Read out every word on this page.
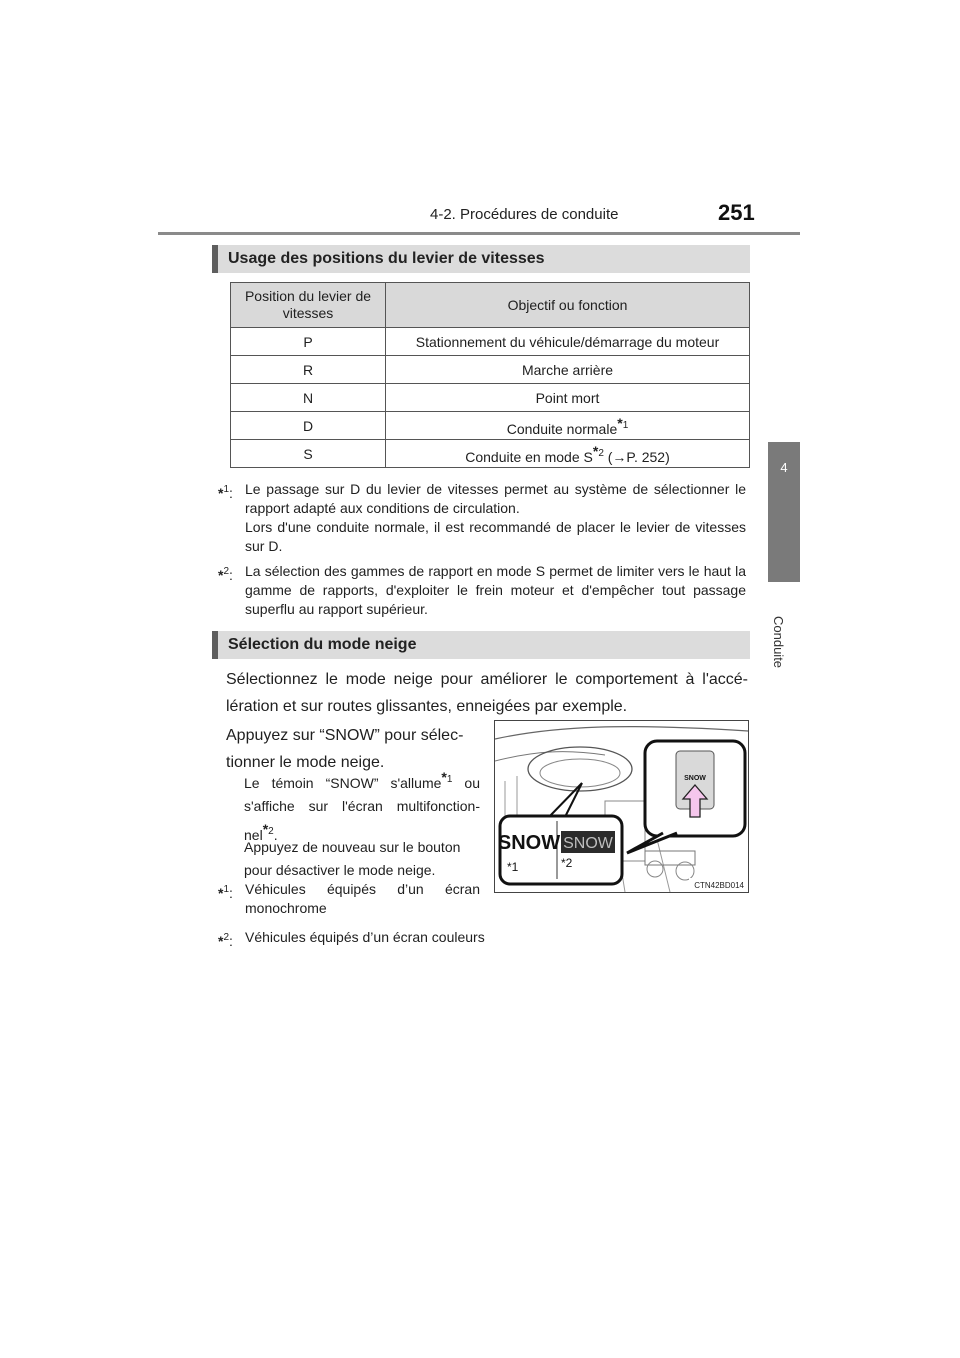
4-2. Procédures de conduite	251
4
Conduite
Usage des positions du levier de vitesses
Position du levier de vitesses	Objectif ou fonction
P	Stationnement du véhicule/démarrage du moteur
R	Marche arrière
N	Point mort
D	Conduite normale$^{*1}$
S	Conduite en mode $S^{*2}$ (→P. 252)
*$^1$: Le passage sur D du levier de vitesses permet au système de sélectionner le rapport adapté aux conditions de circulation.
Lors d'une conduite normale, il est recommandé de placer le levier de vitesses sur D.
*$^2$: La sélection des gammes de rapport en mode S permet de limiter vers le haut la gamme de rapports, d'exploiter le frein moteur et d'empêcher tout passage superflu au rapport supérieur.
Sélection du mode neige
Sélectionnez le mode neige pour améliorer le comportement à l'accé-lération et sur routes glissantes, enneigées par exemple.
Appuyez sur “SNOW” pour sélec-tionner le mode neige.
Le témoin “SNOW” s'allume$^{*1}$ ou s'affiche sur l'écran multifonction-nel$^{*2}$.
Appuyez de nouveau sur le bouton pour désactiver le mode neige.
*$^1$: Véhicules équipés d’un écran monochrome
*$^2$: Véhicules équipés d’un écran couleurs
SNOW
SNOW SNOW
*1	*2
CTN42BD014
